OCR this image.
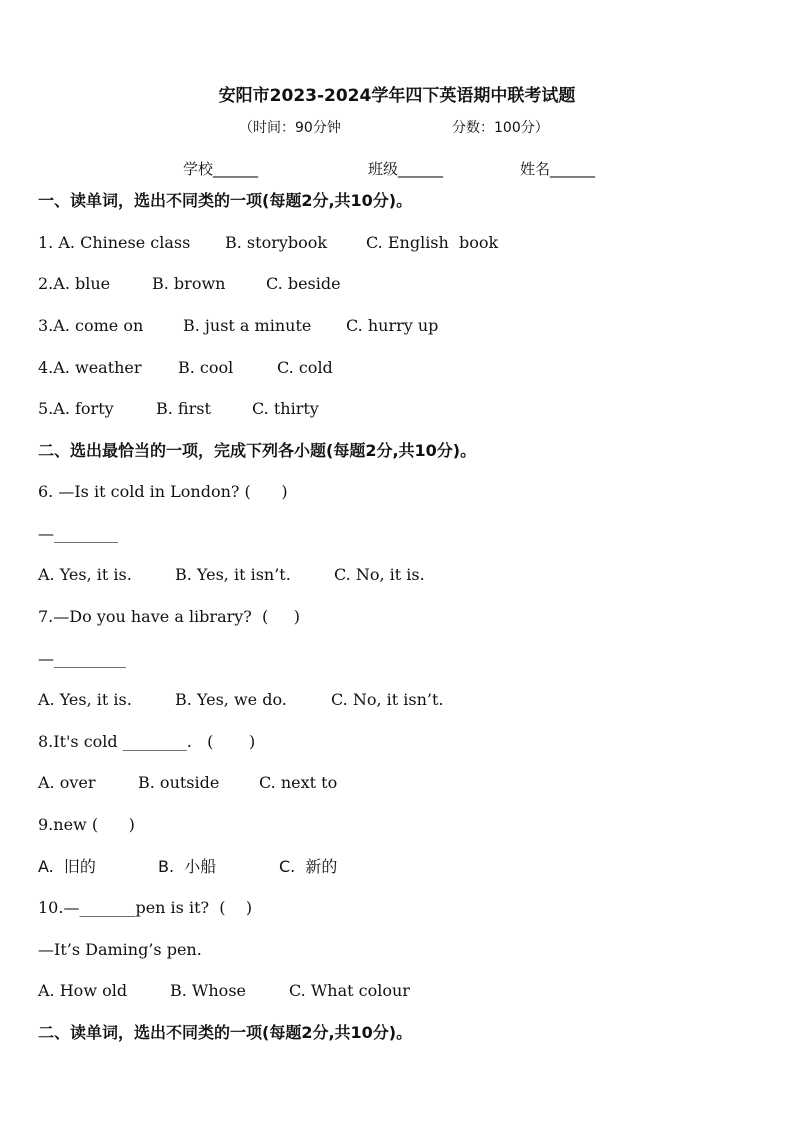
安阳市2023-2024学年四下英语期中联考试题
（时间：90分钟	分数：100分）
学校______	班级______	姓名______
一、读单词，选出不同类的一项(每题2分,共10分)。
1. A. Chinese class B. storybook C. English  book
2.A. blue	B. brown	C. beside
3.A. come on B. just a minute C. hurry up
4.A. weather B. cool	C. cold
5.A. forty	B. first	C. thirty
二、选出最恰当的一项，完成下列各小题(每题2分,共10分)。
6. —Is it cold in London? (      )
—________
A. Yes, it is.	B. Yes, it isn’t.	C. No, it is.
7.—Do you have a library?  (     )
—_________
A. Yes, it is.	B. Yes, we do.	C. No, it isn’t.
8.It's cold ________.   (       )
A. over	B. outside C. next to
9.new (      )
A.  旧的	B.  小船	C.  新的
10.—_______pen is it?  (    )
—It’s Daming’s pen.
A. How old	B. Whose	C. What colour
二、读单词，选出不同类的一项(每题2分,共10分)。
